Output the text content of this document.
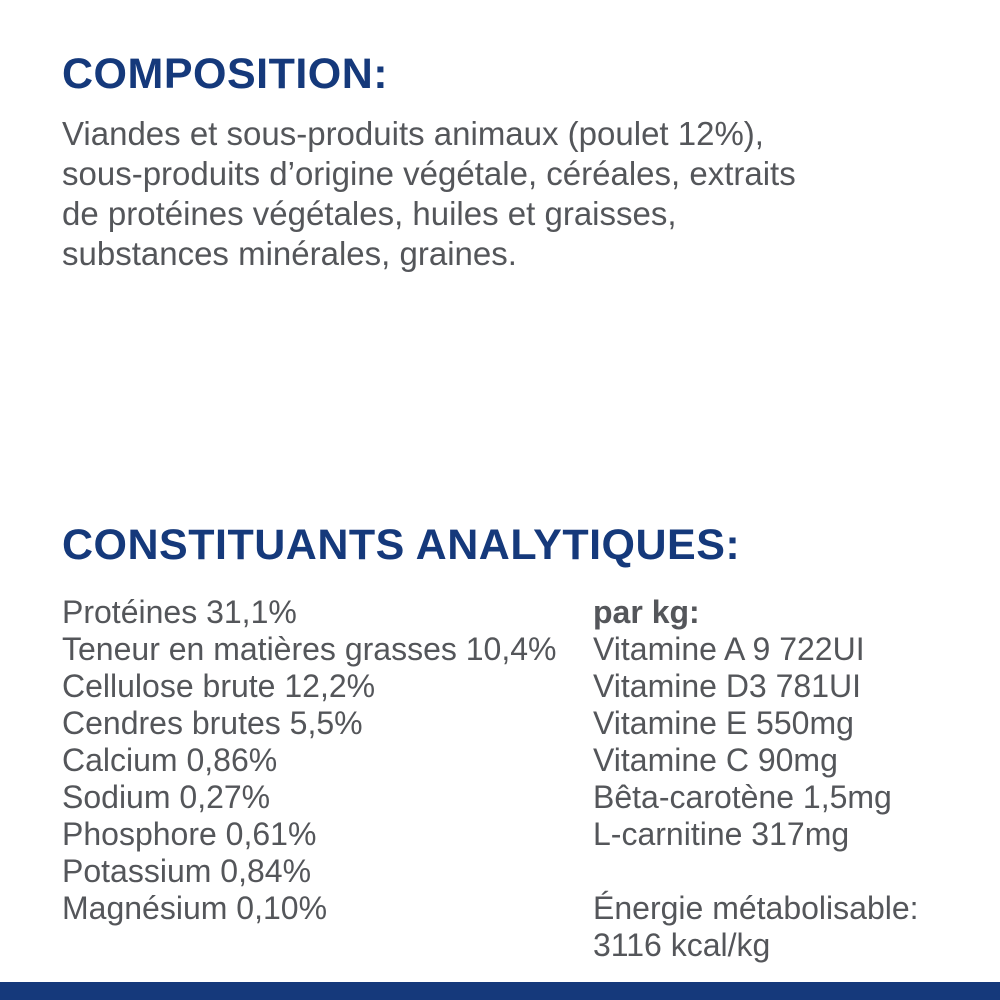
COMPOSITION:

Viandes et sous-produits animaux (poulet 12%),
sous-produits d’origine végétale, céréales, extraits
de protéines végétales, huiles et graisses,
substances minérales, graines.

CONSTITUANTS ANALYTIQUES:
Protéines 31,1%
Teneur en matières grasses 10,4%
Cellulose brute 12,2%
Cendres brutes 5,5%
Calcium 0,86%
Sodium 0,27%
Phosphore 0,61%
Potassium 0,84%
Magnésium 0,10%
par kg:
Vitamine A 9 722UI
Vitamine D3 781UI
Vitamine E 550mg
Vitamine C 90mg
Bêta-carotène 1,5mg
L-carnitine 317mg
Énergie métabolisable:
3116 kcal/kg
